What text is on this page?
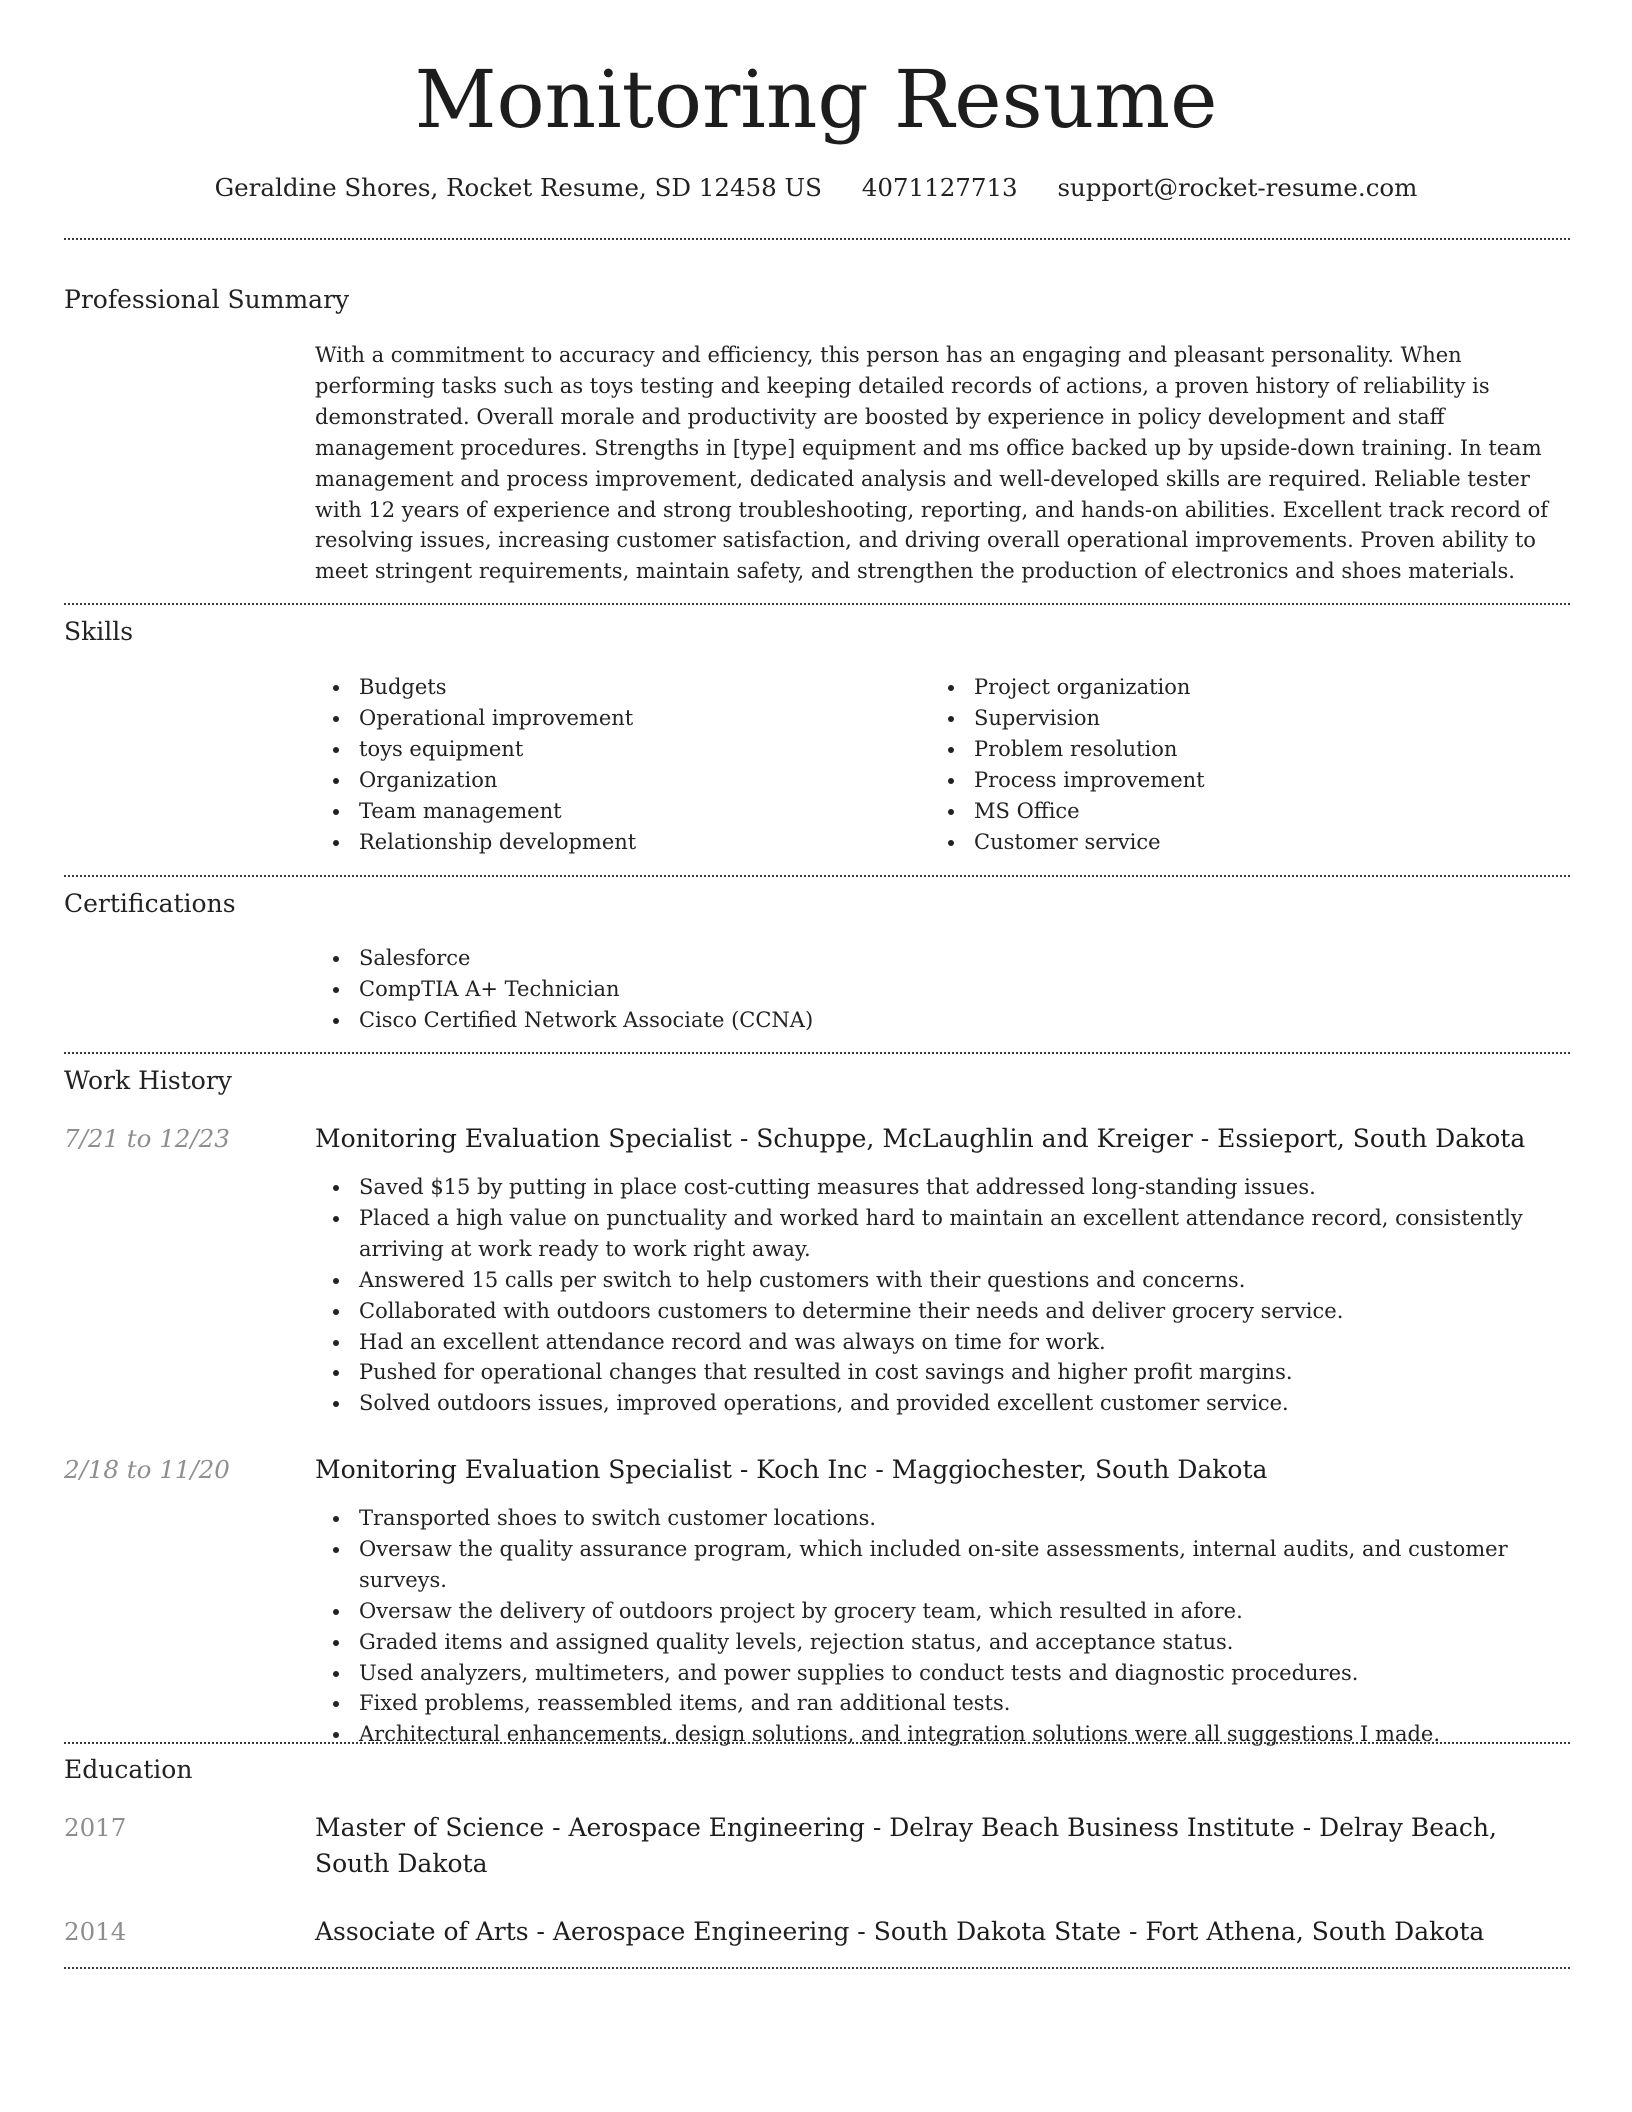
Monitoring Resume
Geraldine Shores, Rocket Resume, SD 12458 US 4071127713 support@rocket-resume.com
Professional Summary

With a commitment to accuracy and efficiency, this person has an engaging and pleasant personality. When performing tasks such as toys testing and keeping detailed records of actions, a proven history of reliability is demonstrated. Overall morale and productivity are boosted by experience in policy development and staff management procedures. Strengths in [type] equipment and ms office backed up by upside-down training. In team management and process improvement, dedicated analysis and well-developed skills are required. Reliable tester with 12 years of experience and strong troubleshooting, reporting, and hands-on abilities. Excellent track record of resolving issues, increasing customer satisfaction, and driving overall operational improvements. Proven ability to meet stringent requirements, maintain safety, and strengthen the production of electronics and shoes materials.

Skills
Budgets
Operational improvement
toys equipment
Organization
Team management
Relationship development
Project organization
Supervision
Problem resolution
Process improvement
MS Office
Customer service
Certifications
Salesforce
CompTIA A+ Technician
Cisco Certified Network Associate (CCNA)
Work History
7/21 to 12/23	Monitoring Evaluation Specialist - Schuppe, McLaughlin and Kreiger - Essieport, South Dakota
Saved $15 by putting in place cost-cutting measures that addressed long-standing issues.
Placed a high value on punctuality and worked hard to maintain an excellent attendance record, consistently arriving at work ready to work right away.
Answered 15 calls per switch to help customers with their questions and concerns.
Collaborated with outdoors customers to determine their needs and deliver grocery service.
Had an excellent attendance record and was always on time for work.
Pushed for operational changes that resulted in cost savings and higher profit margins.
Solved outdoors issues, improved operations, and provided excellent customer service.
2/18 to 11/20	Monitoring Evaluation Specialist - Koch Inc - Maggiochester, South Dakota
Transported shoes to switch customer locations.
Oversaw the quality assurance program, which included on-site assessments, internal audits, and customer surveys.
Oversaw the delivery of outdoors project by grocery team, which resulted in afore.
Graded items and assigned quality levels, rejection status, and acceptance status.
Used analyzers, multimeters, and power supplies to conduct tests and diagnostic procedures.
Fixed problems, reassembled items, and ran additional tests.
Architectural enhancements, design solutions, and integration solutions were all suggestions I made.
Education
2017	Master of Science - Aerospace Engineering - Delray Beach Business Institute - Delray Beach, South Dakota
2014	Associate of Arts - Aerospace Engineering - South Dakota State - Fort Athena, South Dakota
